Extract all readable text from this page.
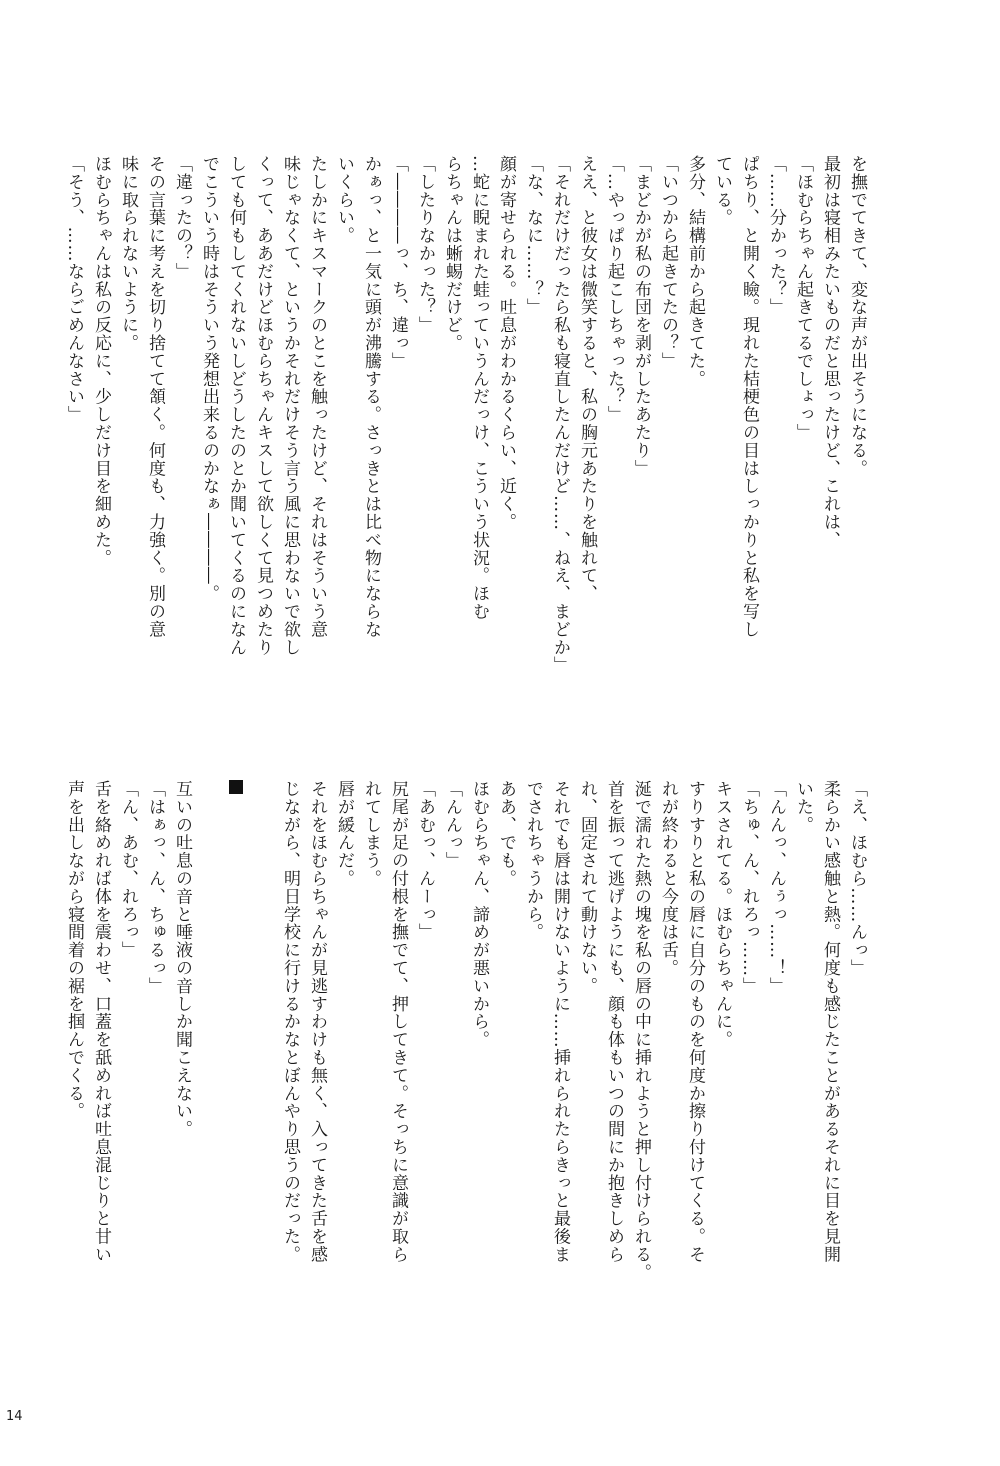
を撫でてきて、変な声が出そうになる。
最初は寝相みたいものだと思ったけど、これは、
「ほむらちゃん起きてるでしょっ」
「……分かった？」
ぱちり、と開く瞼。現れた桔梗色の目はしっかりと私を写し
ている。
多分、結構前から起きてた。
「いつから起きてたの？」
「まどかが私の布団を剥がしたあたり」
「…やっぱり起こしちゃった？」
ええ、と彼女は微笑すると、私の胸元あたりを触れて、
「それだけだったら私も寝直したんだけど……、ねえ、まどか」
「な、なに……？」
顔が寄せられる。吐息がわかるくらい、近く。
…蛇に睨まれた蛙っていうんだっけ、こういう状況。ほむ
らちゃんは蜥蜴だけど。
「したりなかった？」
「――――っ、ち、違っ」
かぁっ、と一気に頭が沸騰する。さっきとは比べ物にならな
いくらい。
たしかにキスマークのとこを触ったけど、それはそういう意
味じゃなくて、というかそれだけそう言う風に思わないで欲し
くって、ああだけどほむらちゃんキスして欲しくて見つめたり
しても何もしてくれないしどうしたのとか聞いてくるのになん
でこういう時はそういう発想出来るのかなぁ――――。
「違ったの？」
その言葉に考えを切り捨てて頷く。何度も、力強く。別の意
味に取られないように。
ほむらちゃんは私の反応に、少しだけ目を細めた。
「そう、……ならごめんなさい」
「え、ほむら……んっ」
柔らかい感触と熱。何度も感じたことがあるそれに目を見開
いた。
「んんっ、んぅっ……！」
「ちゅ、ん、れろっ……」
キスされてる。ほむらちゃんに。
すりすりと私の唇に自分のものを何度か擦り付けてくる。そ
れが終わると今度は舌。
涎で濡れた熱の塊を私の唇の中に挿れようと押し付けられる。
首を振って逃げようにも、顔も体もいつの間にか抱きしめら
れ、固定されて動けない。
それでも唇は開けないように……挿れられたらきっと最後ま
でされちゃうから。
ああ、でも。
ほむらちゃん、諦めが悪いから。
「んんっ」
「あむっ、んーっ」
尻尾が足の付根を撫でて、押してきて。そっちに意識が取ら
れてしまう。
唇が緩んだ。
それをほむらちゃんが見逃すわけも無く、入ってきた舌を感
じながら、明日学校に行けるかなとぼんやり思うのだった。
互いの吐息の音と唾液の音しか聞こえない。
「はぁっ、ん、ちゅるっ」
「ん、あむ、れろっ」
舌を絡めれば体を震わせ、口蓋を舐めれば吐息混じりと甘い
声を出しながら寝間着の裾を掴んでくる。
14
